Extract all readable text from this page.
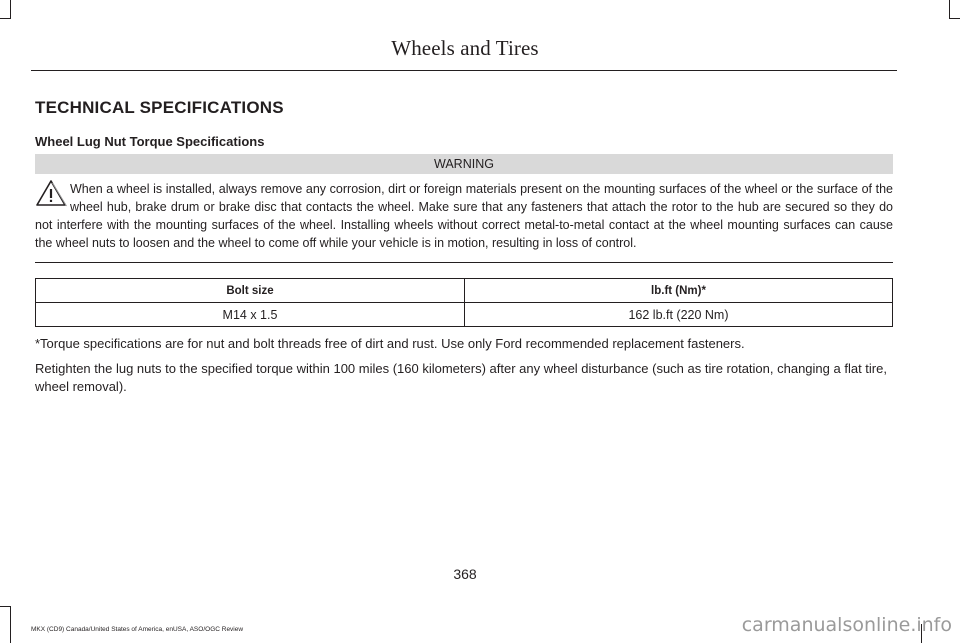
Wheels and Tires
TECHNICAL SPECIFICATIONS
Wheel Lug Nut Torque Specifications
WARNING
When a wheel is installed, always remove any corrosion, dirt or foreign materials present on the mounting surfaces of the wheel or the surface of the wheel hub, brake drum or brake disc that contacts the wheel. Make sure that any fasteners that attach the rotor to the hub are secured so they do not interfere with the mounting surfaces of the wheel. Installing wheels without correct metal-to-metal contact at the wheel mounting surfaces can cause the wheel nuts to loosen and the wheel to come off while your vehicle is in motion, resulting in loss of control.
Bolt size	lb.ft (Nm)*
M14 x 1.5	162 lb.ft (220 Nm)
*Torque specifications are for nut and bolt threads free of dirt and rust. Use only Ford recommended replacement fasteners.
Retighten the lug nuts to the specified torque within 100 miles (160 kilometers) after any wheel disturbance (such as tire rotation, changing a flat tire, wheel removal).
368
MKX (CD9) Canada/United States of America, enUSA, ASO/OGC Review	carmanualsonline.info
